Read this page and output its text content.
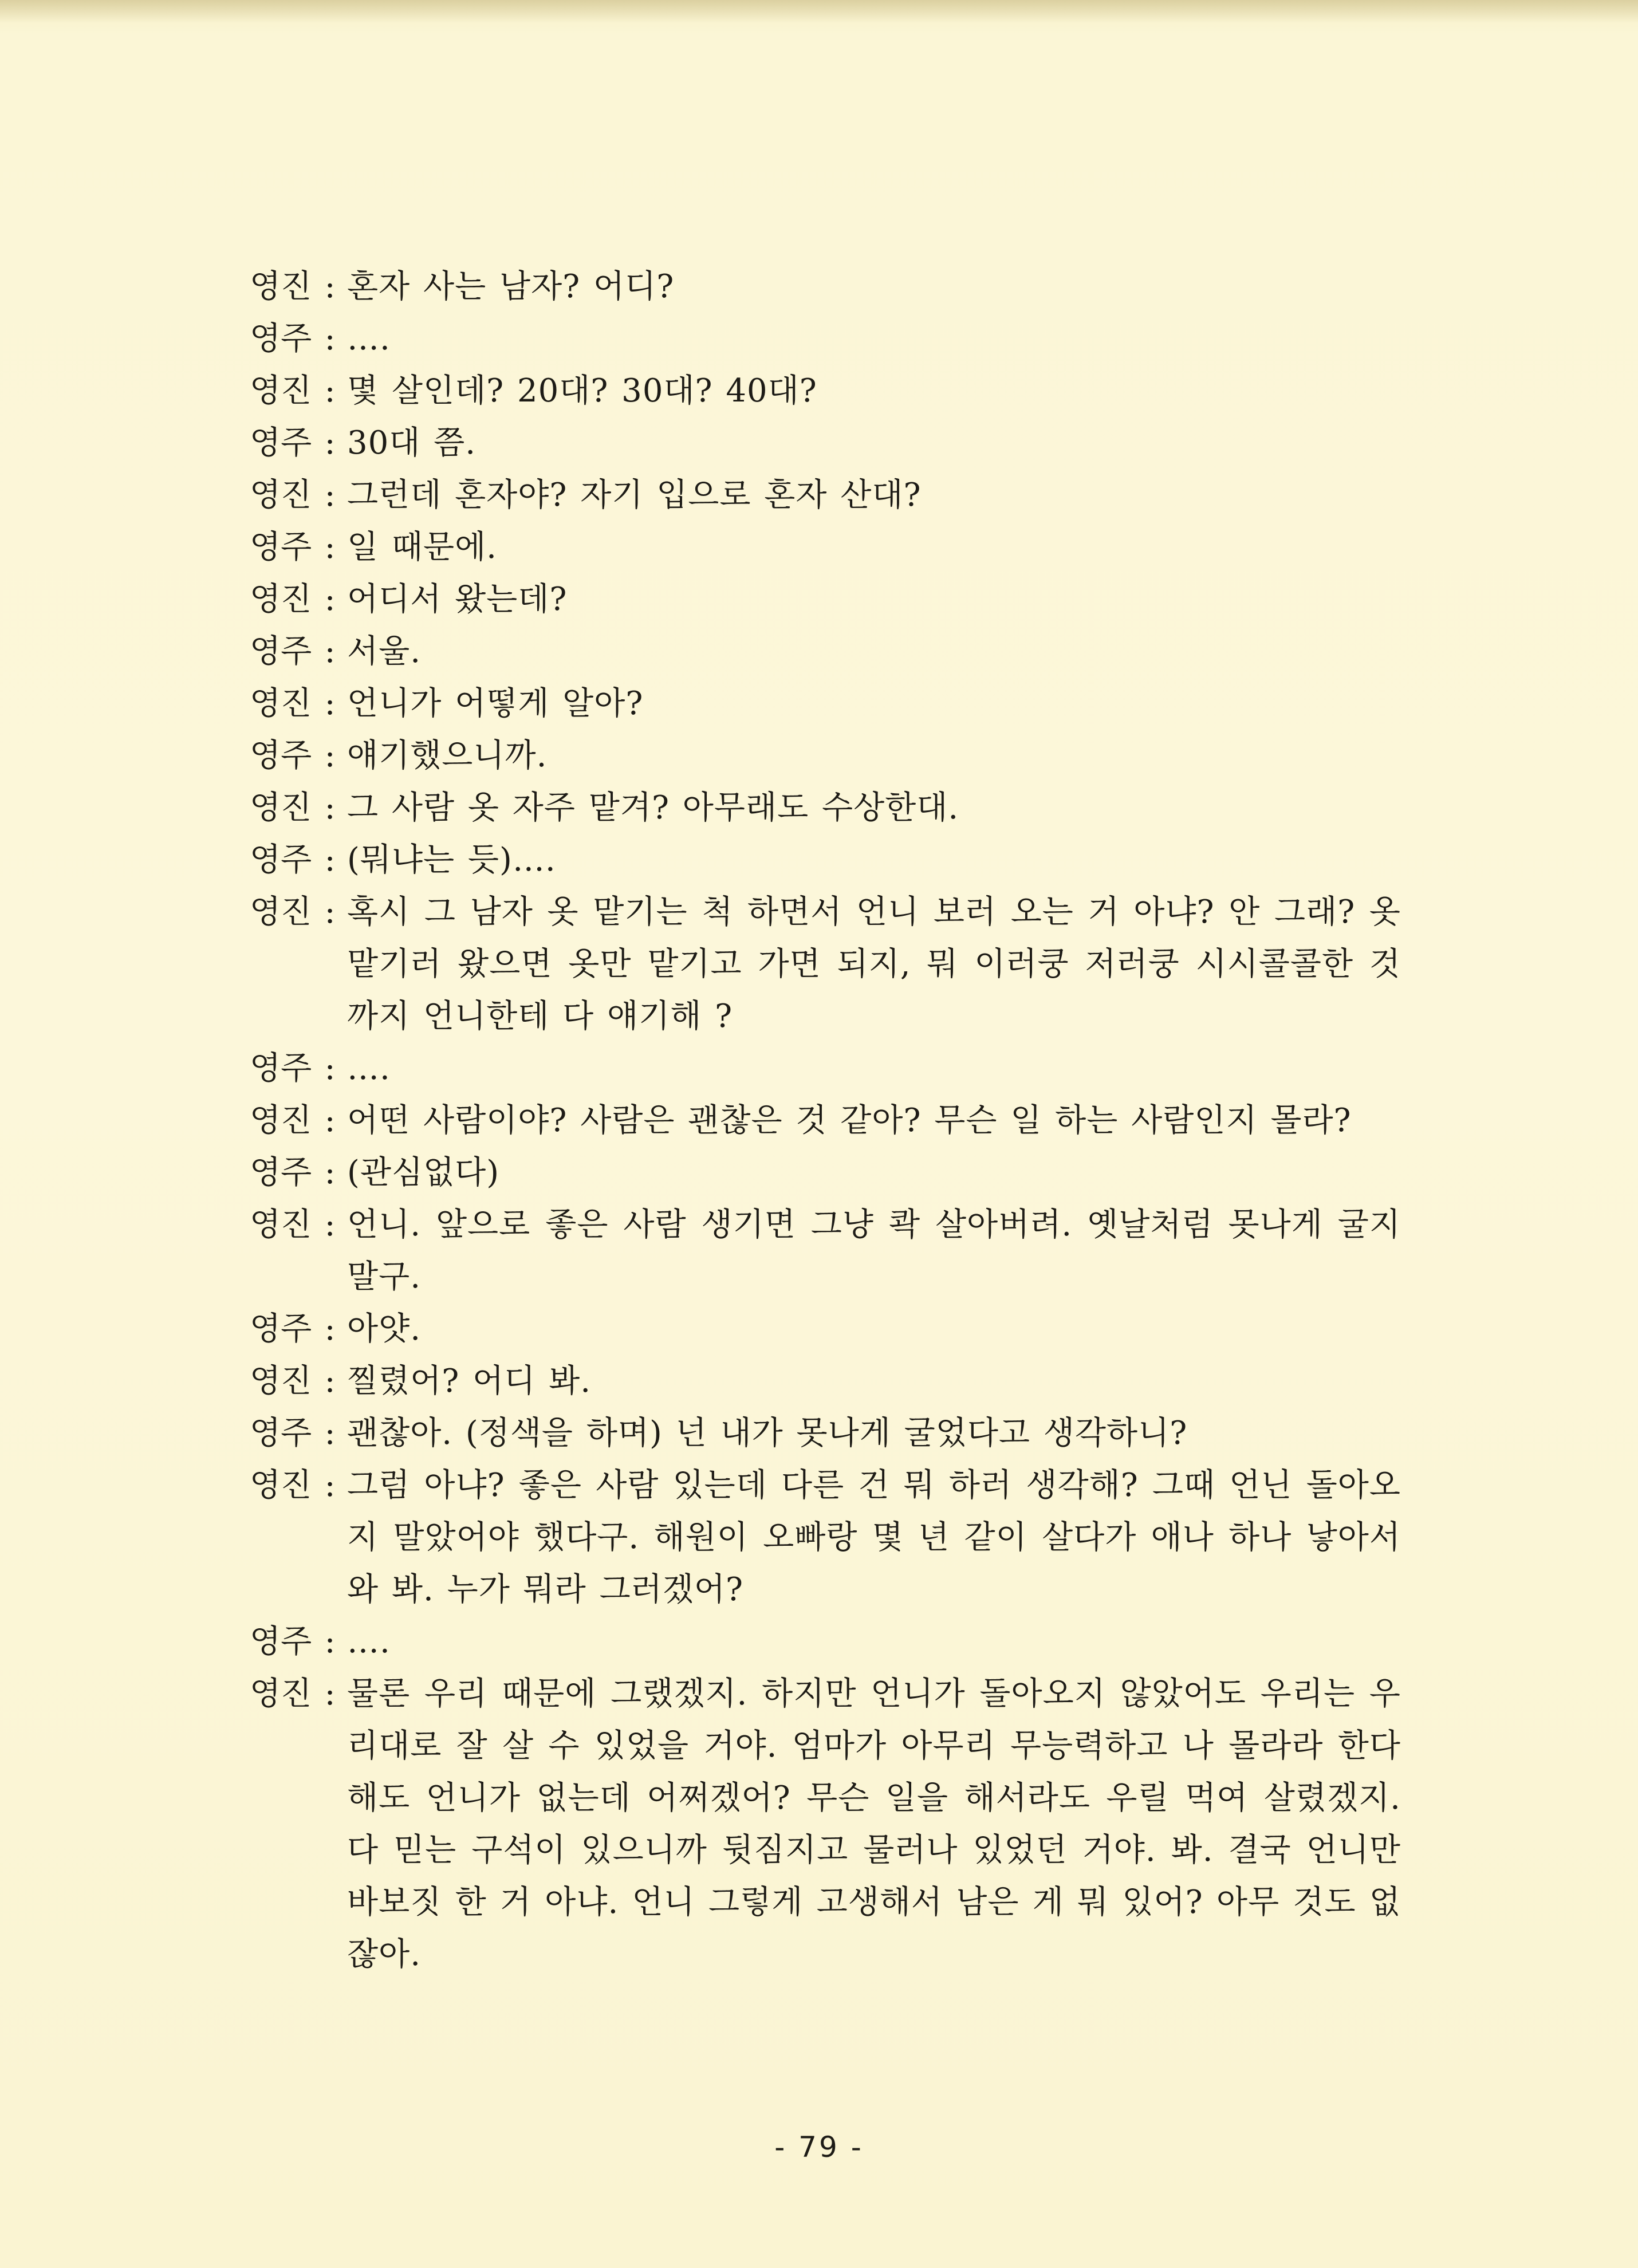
영진 : 혼자 사는 남자? 어디?
영주 : ….
영진 : 몇 살인데? 20대? 30대? 40대?
영주 : 30대 쯤.
영진 : 그런데 혼자야? 자기 입으로 혼자 산대?
영주 : 일 때문에.
영진 : 어디서 왔는데?
영주 : 서울.
영진 : 언니가 어떻게 알아?
영주 : 얘기했으니까.
영진 : 그 사람 옷 자주 맡겨? 아무래도 수상한대.
영주 : (뭐냐는 듯)….
영진 : 혹시 그 남자 옷 맡기는 척 하면서 언니 보러 오는 거 아냐? 안 그래? 옷 맡기러 왔으면 옷만 맡기고 가면 되지, 뭐 이러쿵 저러쿵 시시콜콜한 것까지 언니한테 다 얘기해 ?
영주 : ….
영진 : 어떤 사람이야? 사람은 괜찮은 것 같아? 무슨 일 하는 사람인지 몰라?
영주 : (관심없다)
영진 : 언니. 앞으로 좋은 사람 생기면 그냥 콱 살아버려. 옛날처럼 못나게 굴지말구.
영주 : 아얏.
영진 : 찔렸어? 어디 봐.
영주 : 괜찮아. (정색을 하며) 넌 내가 못나게 굴었다고 생각하니?
영진 : 그럼 아냐? 좋은 사람 있는데 다른 건 뭐 하러 생각해? 그때 언닌 돌아오지 말았어야 했다구. 해원이 오빠랑 몇 년 같이 살다가 애나 하나 낳아서 와 봐. 누가 뭐라 그러겠어?
영주 : ….
영진 : 물론 우리 때문에 그랬겠지. 하지만 언니가 돌아오지 않았어도 우리는 우리대로 잘 살 수 있었을 거야. 엄마가 아무리 무능력하고 나 몰라라 한다 해도 언니가 없는데 어쩌겠어? 무슨 일을 해서라도 우릴 먹여 살렸겠지. 다 믿는 구석이 있으니까 뒷짐지고 물러나 있었던 거야. 봐. 결국 언니만 바보짓 한 거 아냐. 언니 그렇게 고생해서 남은 게 뭐 있어? 아무 것도 없잖아.
- 79 -
